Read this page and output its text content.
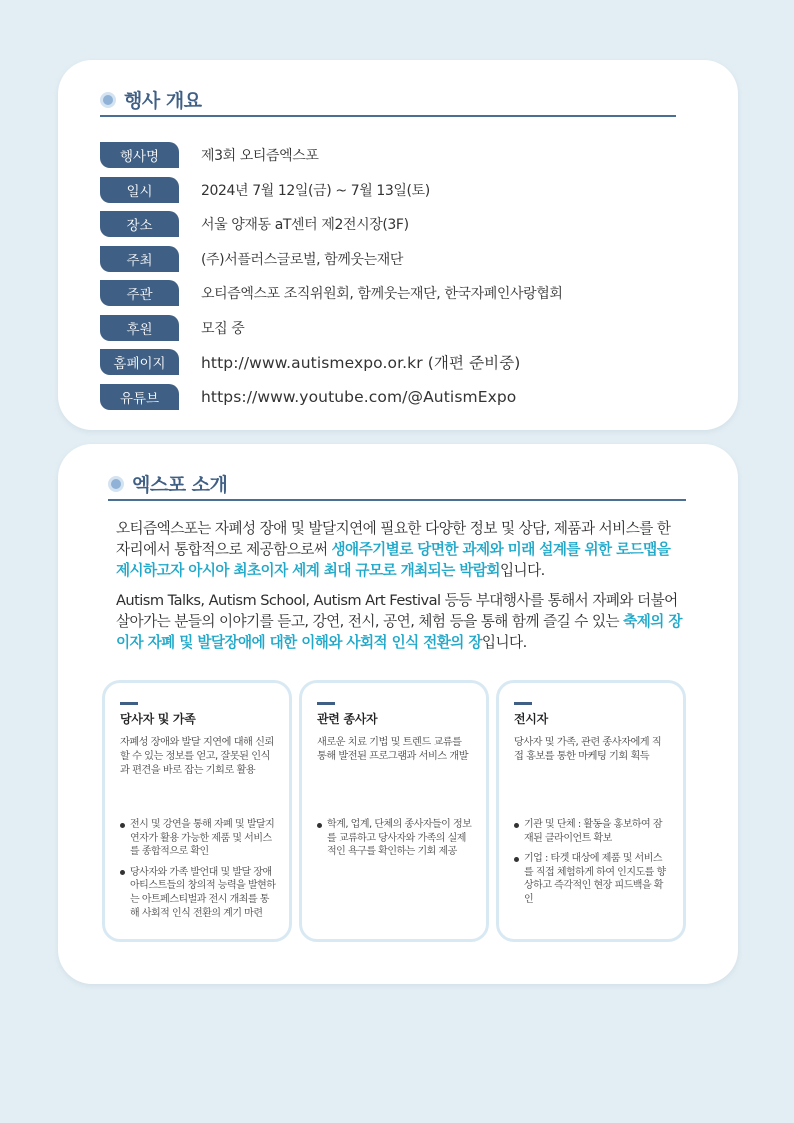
행사 개요
행사명	제3회 오티즘엑스포
일시	2024년 7월 12일(금) ~ 7월 13일(토)
장소	서울 양재동 aT센터 제2전시장(3F)
주최	(주)서플러스글로벌, 함께웃는재단
주관	오티즘엑스포 조직위원회, 함께웃는재단, 한국자폐인사랑협회
후원	모집 중
홈페이지	http://www.autismexpo.or.kr (개편 준비중)
유튜브	https://www.youtube.com/@AutismExpo
엑스포 소개

오티즘엑스포는 자폐성 장애 및 발달지연에 필요한 다양한 정보 및 상담, 제품과 서비스를 한자리에서 통합적으로 제공함으로써 생애주기별로 당면한 과제와 미래 설계를 위한 로드맵을 제시하고자 아시아 최초이자 세계 최대 규모로 개최되는 박람회입니다.

Autism Talks, Autism School, Autism Art Festival 등등 부대행사를 통해서 자폐와 더불어 살아가는 분들의 이야기를 듣고, 강연, 전시, 공연, 체험 등을 통해 함께 즐길 수 있는 축제의 장이자 자폐 및 발달장애에 대한 이해와 사회적 인식 전환의 장입니다.

당사자 및 가족
자폐성 장애와 발달 지연에 대해 신뢰할 수 있는 정보를 얻고, 잘못된 인식과 편견을 바로 잡는 기회로 활용
전시 및 강연을 통해 자폐 및 발달지연자가 활용 가능한 제품 및 서비스를 종합적으로 확인
당사자와 가족 발언대 및 발달 장애 아티스트들의 창의적 능력을 발현하는 아트페스티벌과 전시 개최를 통해 사회적 인식 전환의 계기 마련
관련 종사자
새로운 치료 기법 및 트렌드 교류를 통해 발전된 프로그램과 서비스 개발
학계, 업계, 단체의 종사자들이 정보를 교류하고 당사자와 가족의 실제적인 욕구를 확인하는 기회 제공
전시자
당사자 및 가족, 관련 종사자에게 직접 홍보를 통한 마케팅 기회 획득
기관 및 단체 : 활동을 홍보하여 잠재된 클라이언트 확보
기업 : 타겟 대상에 제품 및 서비스를 직접 체험하게 하여 인지도를 향상하고 즉각적인 현장 피드백을 확인
